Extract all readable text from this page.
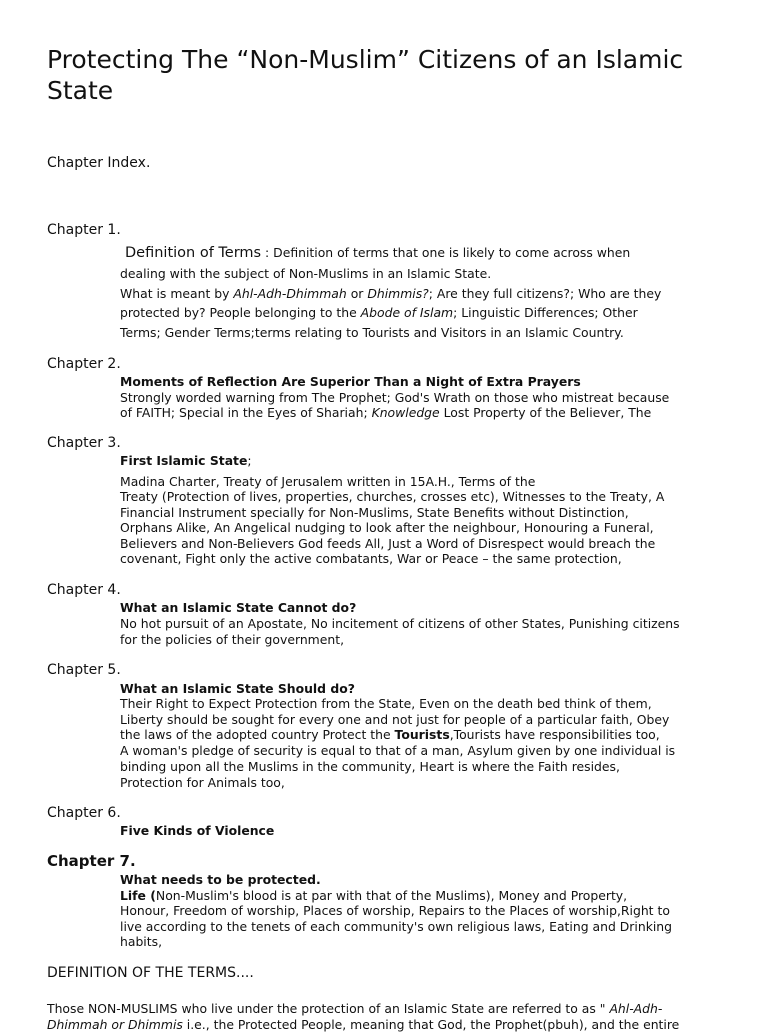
Protecting The “Non-Muslim” Citizens of an Islamic State
Chapter Index.
Chapter 1.
Definition of Terms : Definition of terms that one is likely to come across when
dealing with the subject of Non-Muslims in an Islamic State.
What is meant by Ahl-Adh-Dhimmah or Dhimmis?; Are they full citizens?; Who are they
protected by? People belonging to the Abode of Islam; Linguistic Differences; Other
Terms; Gender Terms;terms relating to Tourists and Visitors in an Islamic Country.
Chapter 2.
Moments of Reflection Are Superior Than a Night of Extra Prayers
Strongly worded warning from The Prophet; God's Wrath on those who mistreat because
of FAITH; Special in the Eyes of Shariah; Knowledge Lost Property of the Believer, The
Chapter 3.
First Islamic State;
Madina Charter, Treaty of Jerusalem written in 15A.H., Terms of the
Treaty (Protection of lives, properties, churches, crosses etc), Witnesses to the Treaty, A
Financial Instrument specially for Non-Muslims, State Benefits without Distinction,
Orphans Alike, An Angelical nudging to look after the neighbour, Honouring a Funeral,
Believers and Non-Believers God feeds All, Just a Word of Disrespect would breach the
covenant, Fight only the active combatants, War or Peace – the same protection,
Chapter 4.
What an Islamic State Cannot do?
No hot pursuit of an Apostate, No incitement of citizens of other States, Punishing citizens
for the policies of their government,
Chapter 5.
What an Islamic State Should do?
Their Right to Expect Protection from the State, Even on the death bed think of them,
Liberty should be sought for every one and not just for people of a particular faith, Obey
the laws of the adopted country Protect the Tourists,Tourists have responsibilities too,
A woman's pledge of security is equal to that of a man, Asylum given by one individual is
binding upon all the Muslims in the community, Heart is where the Faith resides,
Protection for Animals too,
Chapter 6.
Five Kinds of Violence
Chapter 7.
What needs to be protected.
Life (Non-Muslim's blood is at par with that of the Muslims), Money and Property,
Honour, Freedom of worship, Places of worship, Repairs to the Places of worship,Right to
live according to the tenets of each community's own religious laws, Eating and Drinking
habits,
DEFINITION OF THE TERMS....
Those NON-MUSLIMS who live under the protection of an Islamic State are referred to as " Ahl-Adh-
Dhimmah or Dhimmis i.e., the Protected People, meaning that God, the Prophet(pbuh), and the entire
